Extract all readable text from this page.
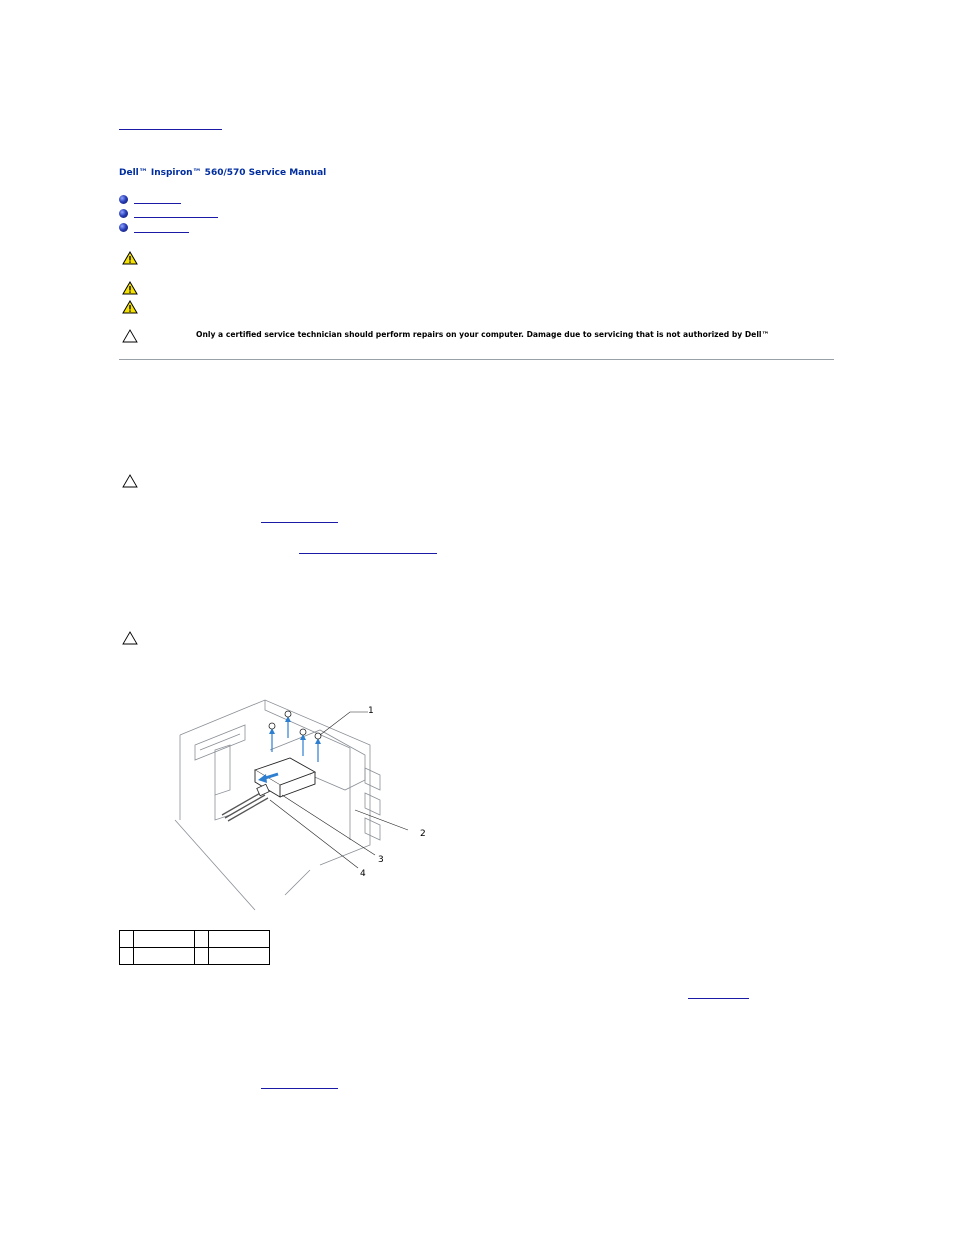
Dell™ Inspiron™ 560/570 Service Manual
Only a certified service technician should perform repairs on your computer. Damage due to servicing that is not authorized by Dell™
1
2
3
4
